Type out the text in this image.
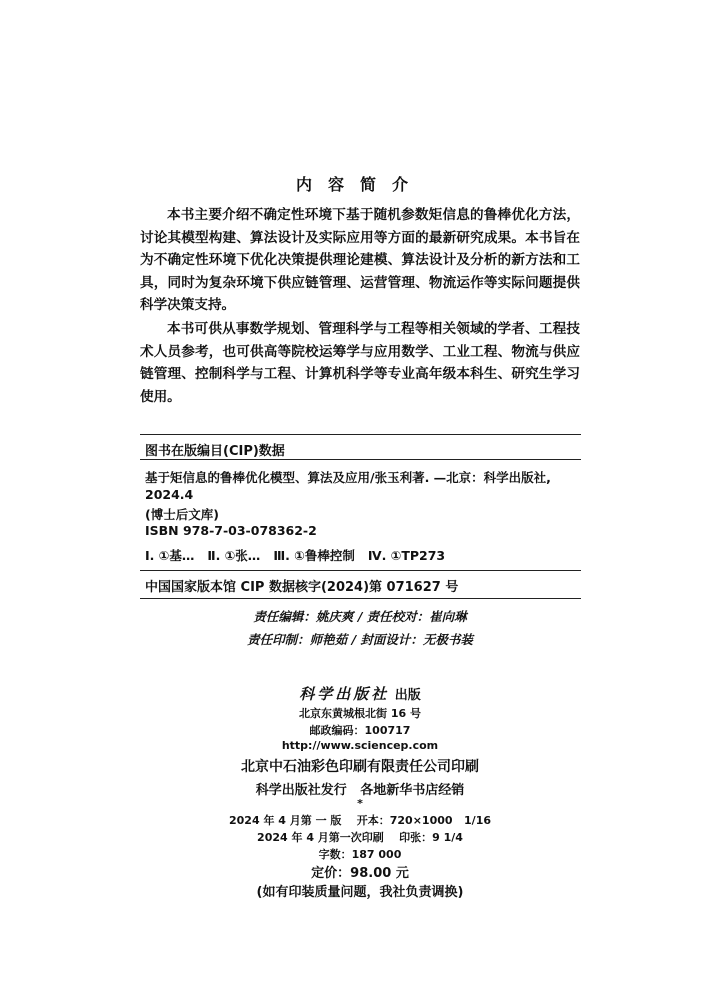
内容简介

本书主要介绍不确定性环境下基于随机参数矩信息的鲁棒优化方法，讨论其模型构建、算法设计及实际应用等方面的最新研究成果。本书旨在为不确定性环境下优化决策提供理论建模、算法设计及分析的新方法和工具，同时为复杂环境下供应链管理、运营管理、物流运作等实际问题提供科学决策支持。

本书可供从事数学规划、管理科学与工程等相关领域的学者、工程技术人员参考，也可供高等院校运筹学与应用数学、工业工程、物流与供应链管理、控制科学与工程、计算机科学等专业高年级本科生、研究生学习使用。

图书在版编目(CIP)数据
基于矩信息的鲁棒优化模型、算法及应用/张玉利著. —北京：科学出版社,
2024.4
(博士后文库)
ISBN 978-7-03-078362-2
Ⅰ. ①基…   Ⅱ. ①张…   Ⅲ. ①鲁棒控制   Ⅳ. ①TP273
中国国家版本馆 CIP 数据核字(2024)第 071627 号
责任编辑：姚庆爽 / 责任校对：崔向琳
责任印制：师艳茹 / 封面设计：无极书装
科学出版社 出版
北京东黄城根北街 16 号
邮政编码：100717
http://www.sciencep.com
北京中石油彩色印刷有限责任公司印刷
科学出版社发行   各地新华书店经销
*
2024 年 4 月第 一 版    开本：720×1000   1/16
2024 年 4 月第一次印刷    印张：9 1/4
字数：187 000
定价：98.00 元
(如有印装质量问题，我社负责调换)
